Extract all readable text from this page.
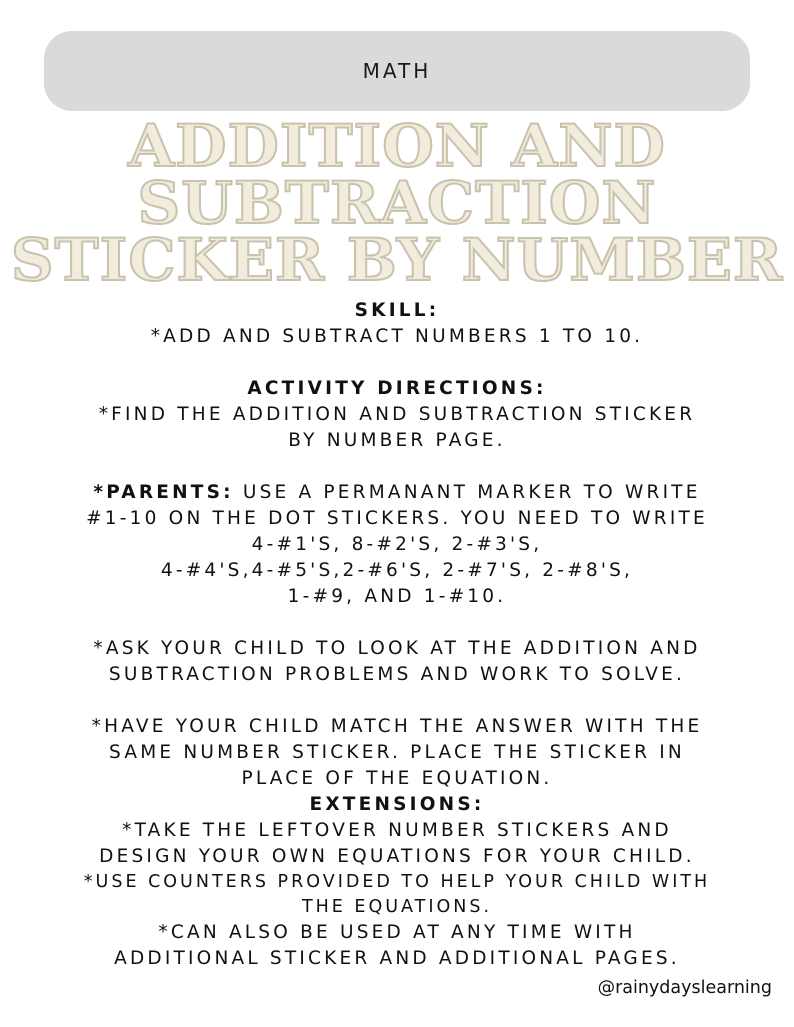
MATH
ADDITION AND
SUBTRACTION
STICKER BY NUMBER

SKILL:

*ADD AND SUBTRACT NUMBERS 1 TO 10.

ACTIVITY DIRECTIONS:

*FIND THE ADDITION AND SUBTRACTION STICKER

BY NUMBER PAGE.

*PARENTS: USE A PERMANANT MARKER TO WRITE

#1-10 ON THE DOT STICKERS. YOU NEED TO WRITE

4-#1'S, 8-#2'S, 2-#3'S,

4-#4'S,4-#5'S,2-#6'S, 2-#7'S, 2-#8'S,

1-#9, AND 1-#10.

*ASK YOUR CHILD TO LOOK AT THE ADDITION AND

SUBTRACTION PROBLEMS AND WORK TO SOLVE.

*HAVE YOUR CHILD MATCH THE ANSWER WITH THE

SAME NUMBER STICKER. PLACE THE STICKER IN

PLACE OF THE EQUATION.

EXTENSIONS:

*TAKE THE LEFTOVER NUMBER STICKERS AND

DESIGN YOUR OWN EQUATIONS FOR YOUR CHILD.

*USE COUNTERS PROVIDED TO HELP YOUR CHILD WITH

THE EQUATIONS.

*CAN ALSO BE USED AT ANY TIME WITH

ADDITIONAL STICKER AND ADDITIONAL PAGES.

@rainydayslearning
